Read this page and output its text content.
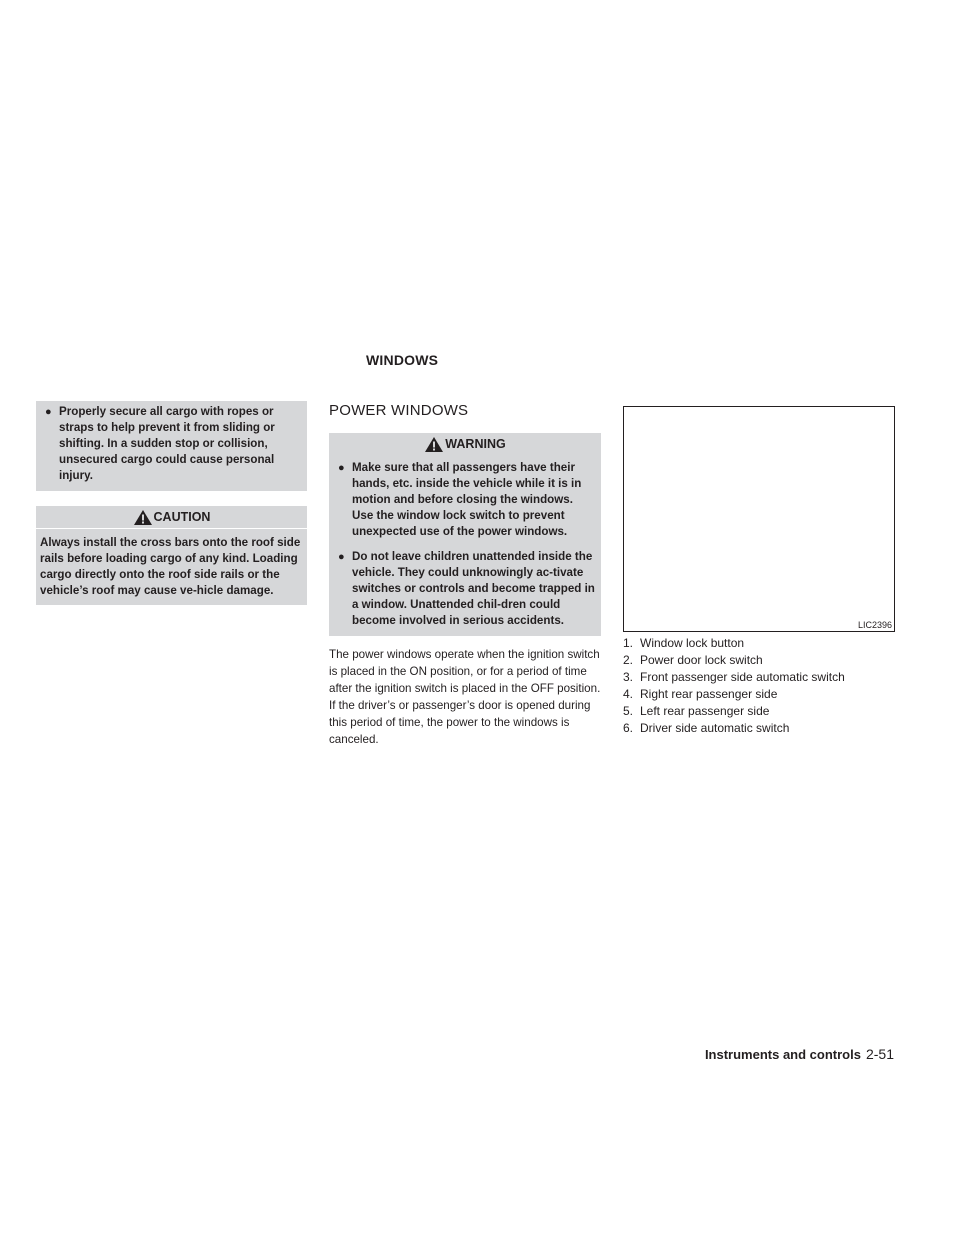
WINDOWS
● Properly secure all cargo with ropes or straps to help prevent it from sliding or shifting. In a sudden stop or collision, unsecured cargo could cause personal injury.
CAUTION
Always install the cross bars onto the roof side rails before loading cargo of any kind. Loading cargo directly onto the roof side rails or the vehicle’s roof may cause ve-hicle damage.
POWER WINDOWS
WARNING
● Make sure that all passengers have their hands, etc. inside the vehicle while it is in motion and before closing the windows. Use the window lock switch to prevent unexpected use of the power windows.
● Do not leave children unattended inside the vehicle. They could unknowingly ac-tivate switches or controls and become trapped in a window. Unattended chil-dren could become involved in serious accidents.

The power windows operate when the ignition switch is placed in the ON position, or for a period of time after the ignition switch is placed in the OFF position. If the driver’s or passenger’s door is opened during this period of time, the power to the windows is canceled.

LIC2396
1. Window lock button
2. Power door lock switch
3. Front passenger side automatic switch
4. Right rear passenger side
5. Left rear passenger side
6. Driver side automatic switch
Instruments and controls 2-51
